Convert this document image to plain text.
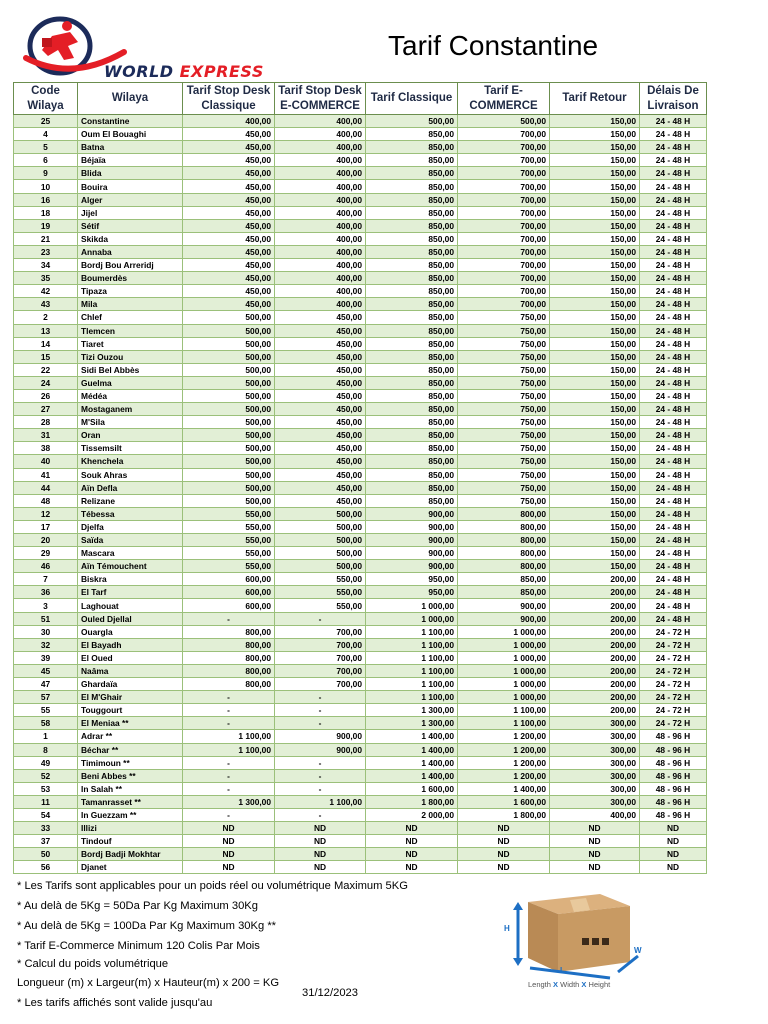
WORLD EXPRESS
Tarif Constantine
Code Wilaya	Wilaya	Tarif Stop Desk Classique	Tarif Stop Desk E-COMMERCE	Tarif Classique	Tarif E-COMMERCE	Tarif Retour	Délais De Livraison
25	Constantine	400,00	400,00	500,00	500,00	150,00	24 - 48 H
4	Oum El Bouaghi	450,00	400,00	850,00	700,00	150,00	24 - 48 H
5	Batna	450,00	400,00	850,00	700,00	150,00	24 - 48 H
6	Béjaïa	450,00	400,00	850,00	700,00	150,00	24 - 48 H
9	Blida	450,00	400,00	850,00	700,00	150,00	24 - 48 H
10	Bouira	450,00	400,00	850,00	700,00	150,00	24 - 48 H
16	Alger	450,00	400,00	850,00	700,00	150,00	24 - 48 H
18	Jijel	450,00	400,00	850,00	700,00	150,00	24 - 48 H
19	Sétif	450,00	400,00	850,00	700,00	150,00	24 - 48 H
21	Skikda	450,00	400,00	850,00	700,00	150,00	24 - 48 H
23	Annaba	450,00	400,00	850,00	700,00	150,00	24 - 48 H
34	Bordj Bou Arreridj	450,00	400,00	850,00	700,00	150,00	24 - 48 H
35	Boumerdès	450,00	400,00	850,00	700,00	150,00	24 - 48 H
42	Tipaza	450,00	400,00	850,00	700,00	150,00	24 - 48 H
43	Mila	450,00	400,00	850,00	700,00	150,00	24 - 48 H
2	Chlef	500,00	450,00	850,00	750,00	150,00	24 - 48 H
13	Tlemcen	500,00	450,00	850,00	750,00	150,00	24 - 48 H
14	Tiaret	500,00	450,00	850,00	750,00	150,00	24 - 48 H
15	Tizi Ouzou	500,00	450,00	850,00	750,00	150,00	24 - 48 H
22	Sidi Bel Abbès	500,00	450,00	850,00	750,00	150,00	24 - 48 H
24	Guelma	500,00	450,00	850,00	750,00	150,00	24 - 48 H
26	Médéa	500,00	450,00	850,00	750,00	150,00	24 - 48 H
27	Mostaganem	500,00	450,00	850,00	750,00	150,00	24 - 48 H
28	M'Sila	500,00	450,00	850,00	750,00	150,00	24 - 48 H
31	Oran	500,00	450,00	850,00	750,00	150,00	24 - 48 H
38	Tissemsilt	500,00	450,00	850,00	750,00	150,00	24 - 48 H
40	Khenchela	500,00	450,00	850,00	750,00	150,00	24 - 48 H
41	Souk Ahras	500,00	450,00	850,00	750,00	150,00	24 - 48 H
44	Aïn Defla	500,00	450,00	850,00	750,00	150,00	24 - 48 H
48	Relizane	500,00	450,00	850,00	750,00	150,00	24 - 48 H
12	Tébessa	550,00	500,00	900,00	800,00	150,00	24 - 48 H
17	Djelfa	550,00	500,00	900,00	800,00	150,00	24 - 48 H
20	Saïda	550,00	500,00	900,00	800,00	150,00	24 - 48 H
29	Mascara	550,00	500,00	900,00	800,00	150,00	24 - 48 H
46	Aïn Témouchent	550,00	500,00	900,00	800,00	150,00	24 - 48 H
7	Biskra	600,00	550,00	950,00	850,00	200,00	24 - 48 H
36	El Tarf	600,00	550,00	950,00	850,00	200,00	24 - 48 H
3	Laghouat	600,00	550,00	1 000,00	900,00	200,00	24 - 48 H
51	Ouled Djellal	-	-	1 000,00	900,00	200,00	24 - 48 H
30	Ouargla	800,00	700,00	1 100,00	1 000,00	200,00	24 - 72 H
32	El Bayadh	800,00	700,00	1 100,00	1 000,00	200,00	24 - 72 H
39	El Oued	800,00	700,00	1 100,00	1 000,00	200,00	24 - 72 H
45	Naâma	800,00	700,00	1 100,00	1 000,00	200,00	24 - 72 H
47	Ghardaïa	800,00	700,00	1 100,00	1 000,00	200,00	24 - 72 H
57	El M'Ghair	-	-	1 100,00	1 000,00	200,00	24 - 72 H
55	Touggourt	-	-	1 300,00	1 100,00	200,00	24 - 72 H
58	El Meniaa **	-	-	1 300,00	1 100,00	300,00	24 - 72 H
1	Adrar **	1 100,00	900,00	1 400,00	1 200,00	300,00	48 - 96 H
8	Béchar **	1 100,00	900,00	1 400,00	1 200,00	300,00	48 - 96 H
49	Timimoun **	-	-	1 400,00	1 200,00	300,00	48 - 96 H
52	Beni Abbes **	-	-	1 400,00	1 200,00	300,00	48 - 96 H
53	In Salah **	-	-	1 600,00	1 400,00	300,00	48 - 96 H
11	Tamanrasset **	1 300,00	1 100,00	1 800,00	1 600,00	300,00	48 - 96 H
54	In Guezzam **	-	-	2 000,00	1 800,00	400,00	48 - 96 H
33	Illizi	ND	ND	ND	ND	ND	ND
37	Tindouf	ND	ND	ND	ND	ND	ND
50	Bordj Badji Mokhtar	ND	ND	ND	ND	ND	ND
56	Djanet	ND	ND	ND	ND	ND	ND
* Les Tarifs sont applicables pour un poids réel ou volumétrique Maximum 5KG
* Au delà de 5Kg = 50Da Par Kg Maximum 30Kg
* Au delà de 5Kg = 100Da Par Kg Maximum 30Kg **
* Tarif E-Commerce Minimum 120 Colis Par Mois
* Calcul du poids volumétrique
Longueur (m) x Largeur(m) x Hauteur(m) x 200 = KG
* Les tarifs affichés sont valide jusqu'au
31/12/2023
H
W
L
Length X Width X Height
